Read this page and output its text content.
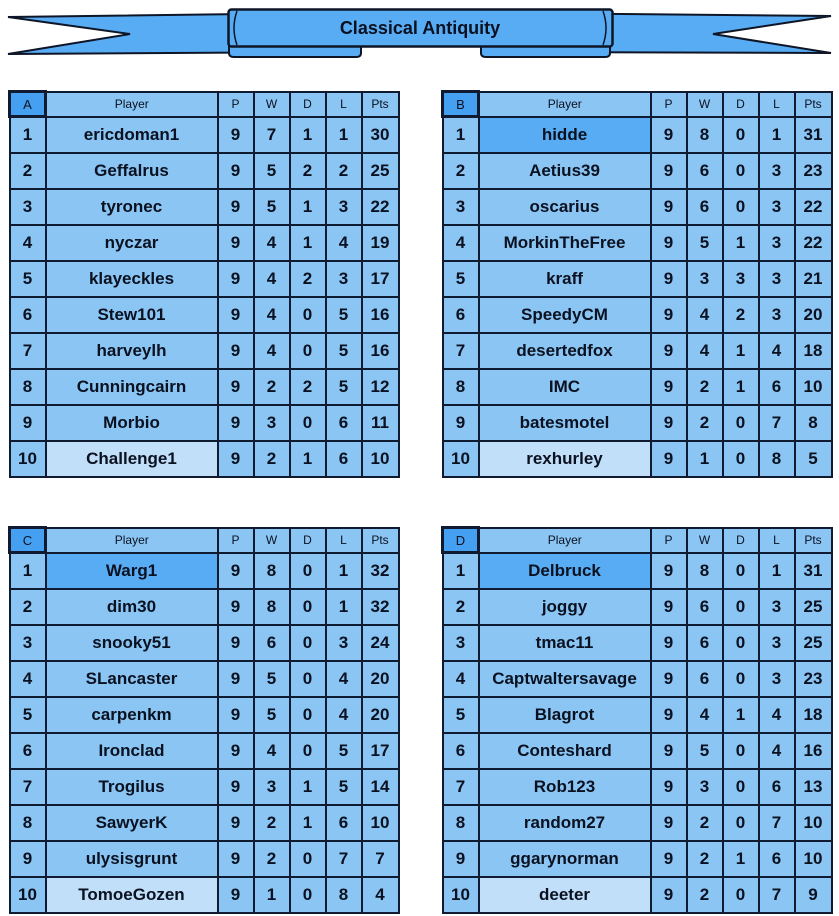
Classical Antiquity
A	Player	P	W	D	L	Pts
1	ericdoman1	9	7	1	1	30
2	Geffalrus	9	5	2	2	25
3	tyronec	9	5	1	3	22
4	nyczar	9	4	1	4	19
5	klayeckles	9	4	2	3	17
6	Stew101	9	4	0	5	16
7	harveylh	9	4	0	5	16
8	Cunningcairn	9	2	2	5	12
9	Morbio	9	3	0	6	11
10	Challenge1	9	2	1	6	10
B	Player	P	W	D	L	Pts
1	hidde	9	8	0	1	31
2	Aetius39	9	6	0	3	23
3	oscarius	9	6	0	3	22
4	MorkinTheFree	9	5	1	3	22
5	kraff	9	3	3	3	21
6	SpeedyCM	9	4	2	3	20
7	desertedfox	9	4	1	4	18
8	IMC	9	2	1	6	10
9	batesmotel	9	2	0	7	8
10	rexhurley	9	1	0	8	5
C	Player	P	W	D	L	Pts
1	Warg1	9	8	0	1	32
2	dim30	9	8	0	1	32
3	snooky51	9	6	0	3	24
4	SLancaster	9	5	0	4	20
5	carpenkm	9	5	0	4	20
6	Ironclad	9	4	0	5	17
7	Trogilus	9	3	1	5	14
8	SawyerK	9	2	1	6	10
9	ulysisgrunt	9	2	0	7	7
10	TomoeGozen	9	1	0	8	4
D	Player	P	W	D	L	Pts
1	Delbruck	9	8	0	1	31
2	joggy	9	6	0	3	25
3	tmac11	9	6	0	3	25
4	Captwaltersavage	9	6	0	3	23
5	Blagrot	9	4	1	4	18
6	Conteshard	9	5	0	4	16
7	Rob123	9	3	0	6	13
8	random27	9	2	0	7	10
9	ggarynorman	9	2	1	6	10
10	deeter	9	2	0	7	9
